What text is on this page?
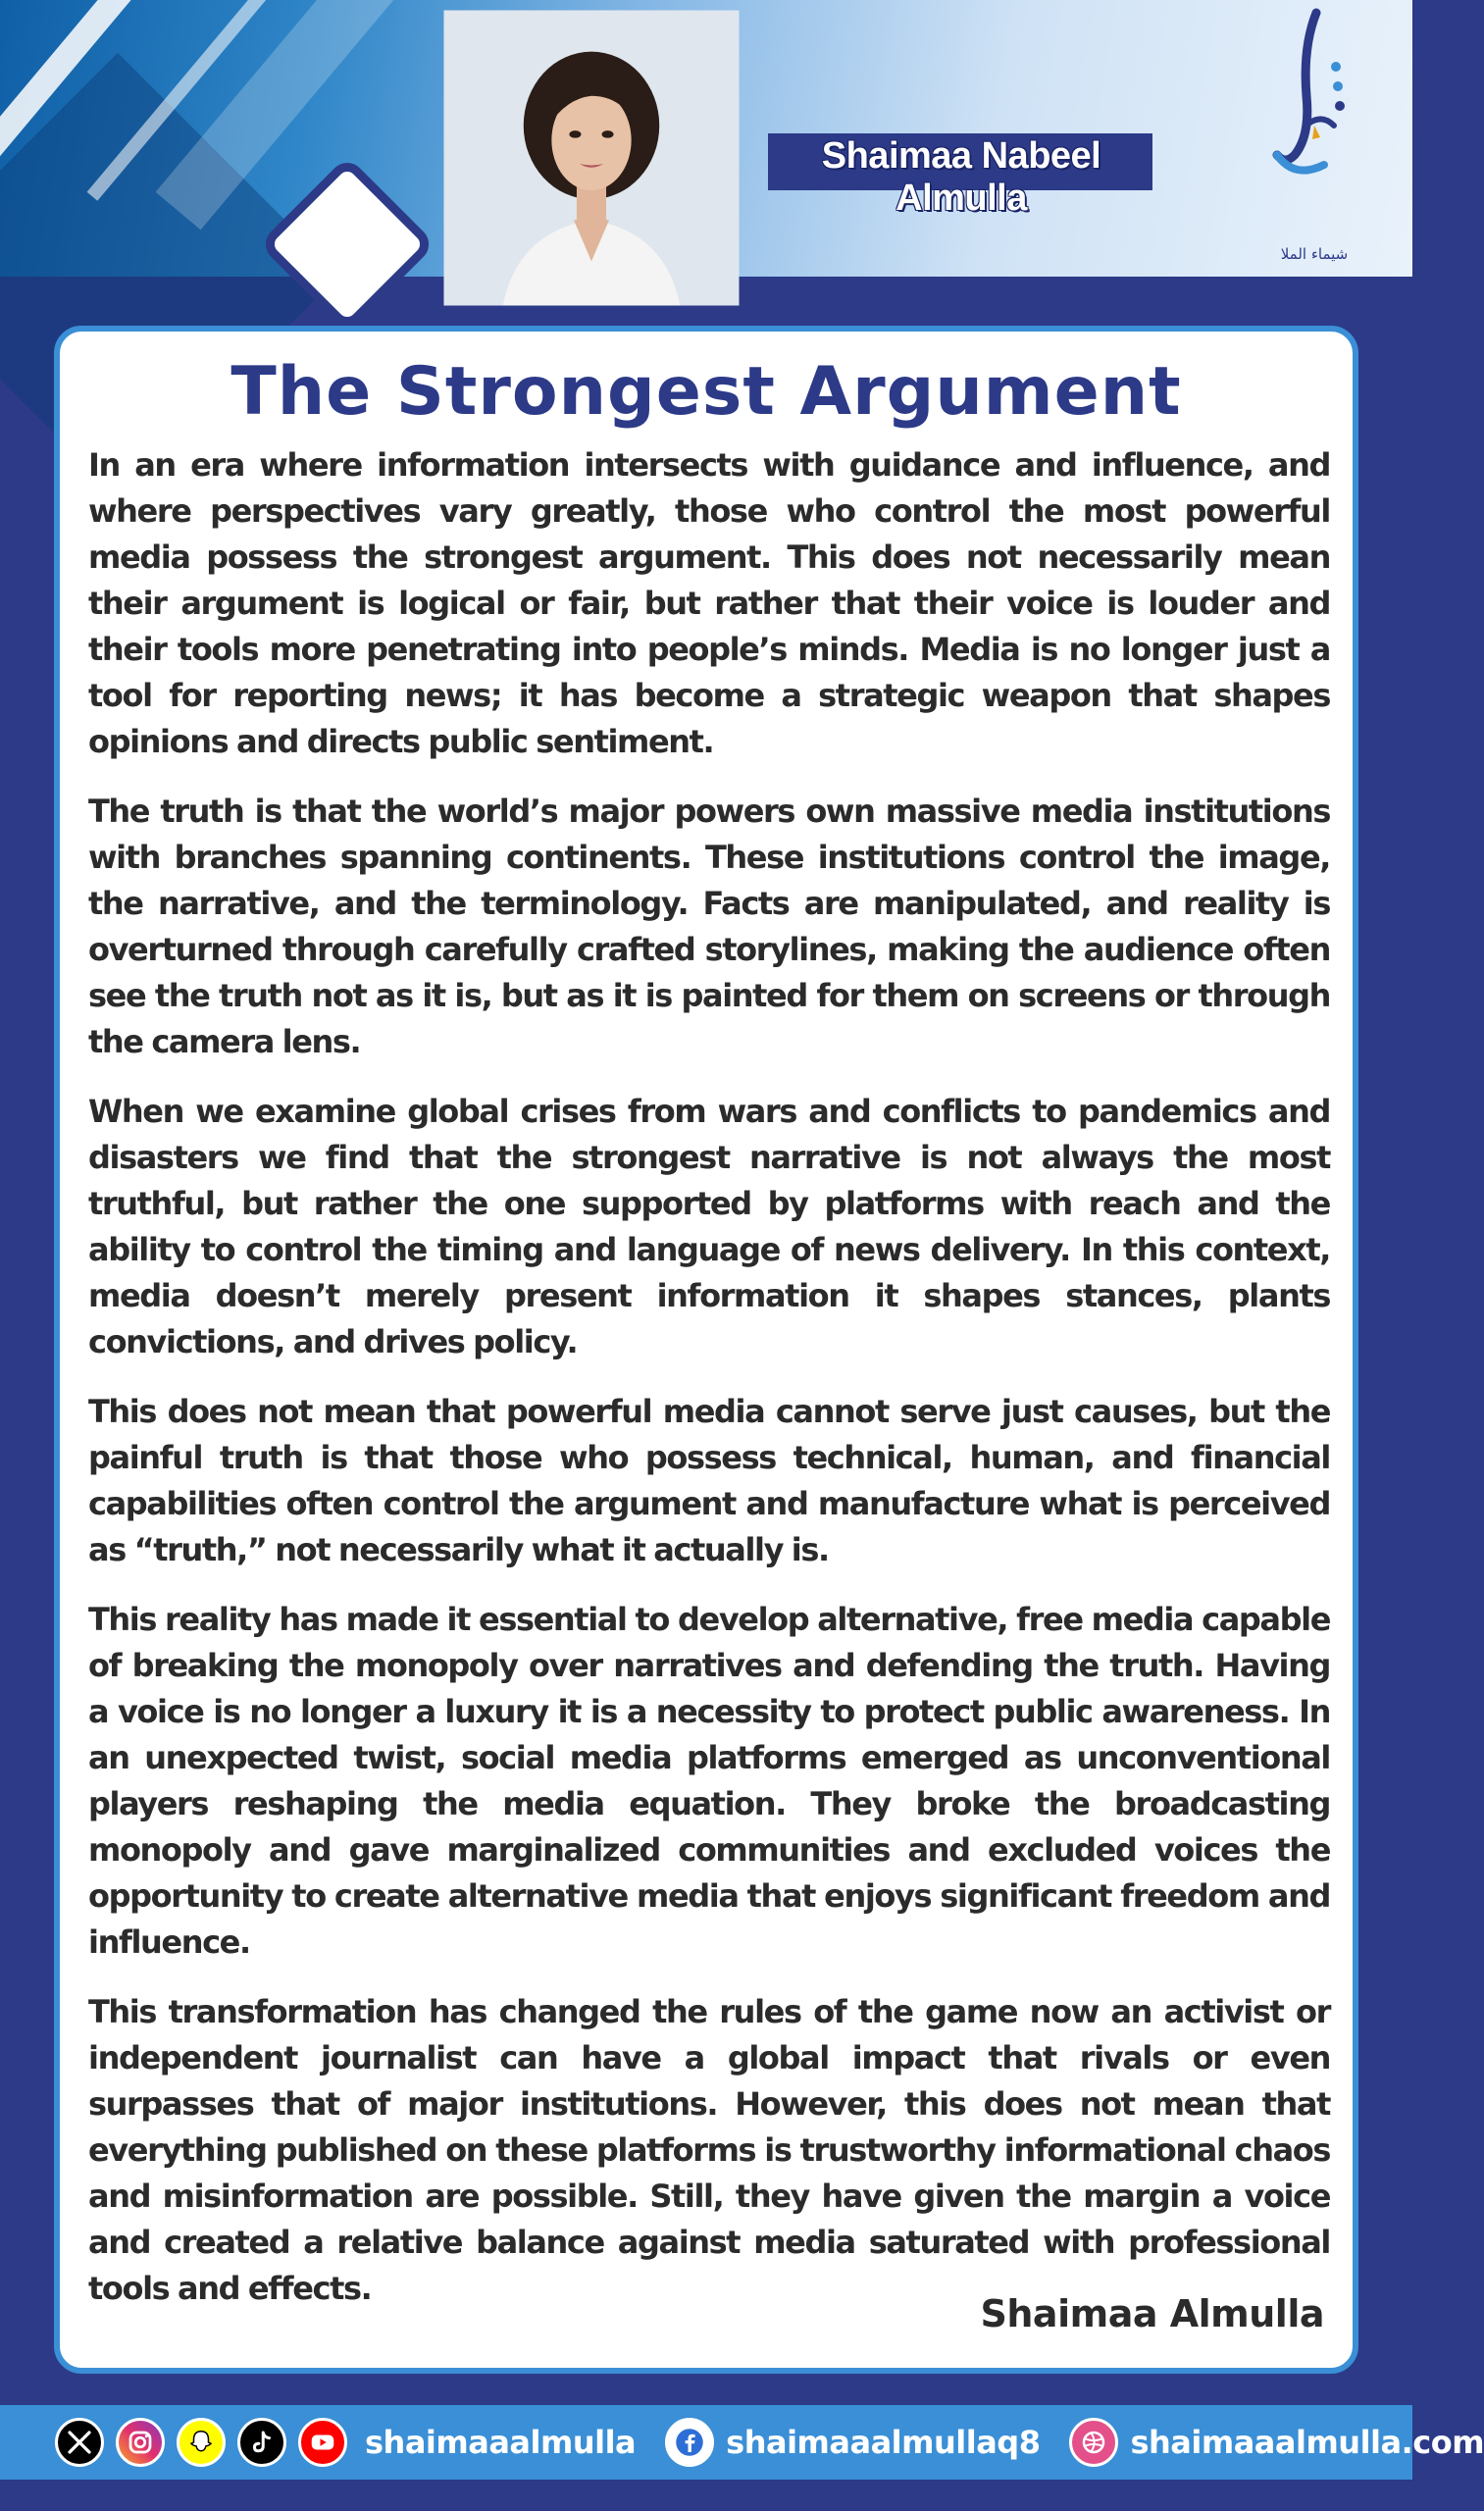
Shaimaa Nabeel Almulla
شيماء الملا
The Strongest Argument

In an era where information intersects with guidance and influence, and where perspectives vary greatly, those who control the most powerful media possess the strongest argument. This does not necessarily mean their argument is logical or fair, but rather that their voice is louder and their tools more penetrating into people’s minds. Media is no longer just a tool for reporting news; it has become a strategic weapon that shapes opinions and directs public sentiment.

The truth is that the world’s major powers own massive media institutions with branches spanning continents. These institutions control the image, the narrative, and the terminology. Facts are manipulated, and reality is overturned through carefully crafted storylines, making the audience often see the truth not as it is, but as it is painted for them on screens or through the camera lens.

When we examine global crises from wars and conflicts to pandemics and disasters we find that the strongest narrative is not always the most truthful, but rather the one supported by platforms with reach and the ability to control the timing and language of news delivery. In this context, media doesn’t merely present information it shapes stances, plants convictions, and drives policy.

This does not mean that powerful media cannot serve just causes, but the painful truth is that those who possess technical, human, and financial capabilities often control the argument and manufacture what is perceived as “truth,” not necessarily what it actually is.

This reality has made it essential to develop alternative, free media capable of breaking the monopoly over narratives and defending the truth. Having a voice is no longer a luxury it is a necessity to protect public awareness. In an unexpected twist, social media platforms emerged as unconventional players reshaping the media equation. They broke the broadcasting monopoly and gave marginalized communities and excluded voices the opportunity to create alternative media that enjoys significant freedom and influence.

This transformation has changed the rules of the game now an activist or independent journalist can have a global impact that rivals or even surpasses that of major institutions. However, this does not mean that everything published on these platforms is trustworthy informational chaos and misinformation are possible. Still, they have given the margin a voice and created a relative balance against media saturated with professional tools and effects.

Shaimaa Almulla
shaimaaalmulla	shaimaaalmullaq8	shaimaaalmulla.com
